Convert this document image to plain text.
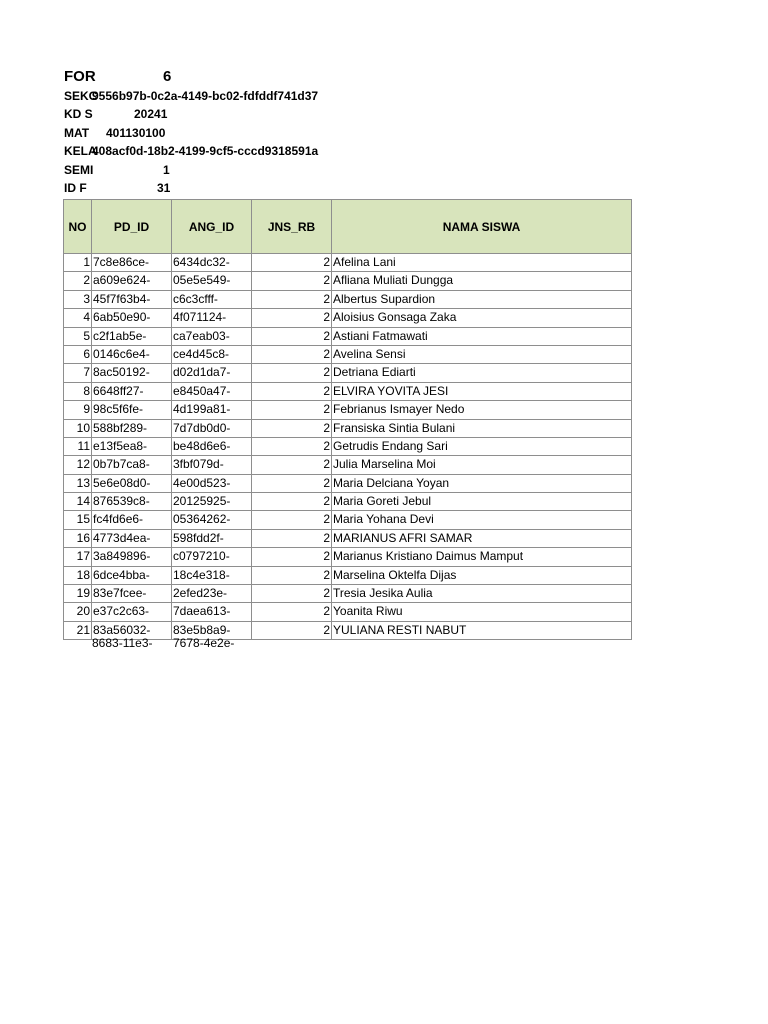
FOR	6
SEKC
9556b97b-0c2a-4149-bc02-fdfddf741d37
KD S	20241
MAT 401130100
KELA
408acf0d-18b2-4199-9cf5-cccd9318591a
SEMI	1
ID F	31
NO	PD_ID	ANG_ID	JNS_RB	NAMA SISWA
1	7c8e86ce-	6434dc32-	2	Afelina Lani
2	a609e624-	05e5e549-	2	Afliana Muliati Dungga
3	45f7f63b4-	c6c3cfff-	2	Albertus Supardion
4	6ab50e90-	4f071124-	2	Aloisius Gonsaga Zaka
5	c2f1ab5e-	ca7eab03-	2	Astiani Fatmawati
6	0146c6e4-	ce4d45c8-	2	Avelina Sensi
7	8ac50192-	d02d1da7-	2	Detriana Ediarti
8	6648ff27-	e8450a47-	2	ELVIRA YOVITA JESI
9	98c5f6fe-	4d199a81-	2	Febrianus Ismayer Nedo
10	588bf289-	7d7db0d0-	2	Fransiska Sintia Bulani
11	e13f5ea8-	be48d6e6-	2	Getrudis Endang Sari
12	0b7b7ca8-	3fbf079d-	2	Julia Marselina Moi
13	5e6e08d0-	4e00d523-	2	Maria Delciana Yoyan
14	876539c8-	20125925-	2	Maria Goreti Jebul
15	fc4fd6e6-	05364262-	2	Maria Yohana Devi
16	4773d4ea-	598fdd2f-	2	MARIANUS AFRI SAMAR
17	3a849896-	c0797210-	2	Marianus Kristiano Daimus Mamput
18	6dce4bba-	18c4e318-	2	Marselina Oktelfa Dijas
19	83e7fcee-	2efed23e-	2	Tresia Jesika Aulia
20	e37c2c63-	7daea613-	2	Yoanita Riwu
21	83a56032-	83e5b8a9-	2	YULIANA RESTI NABUT
8683-11e3- 7678-4e2e-
